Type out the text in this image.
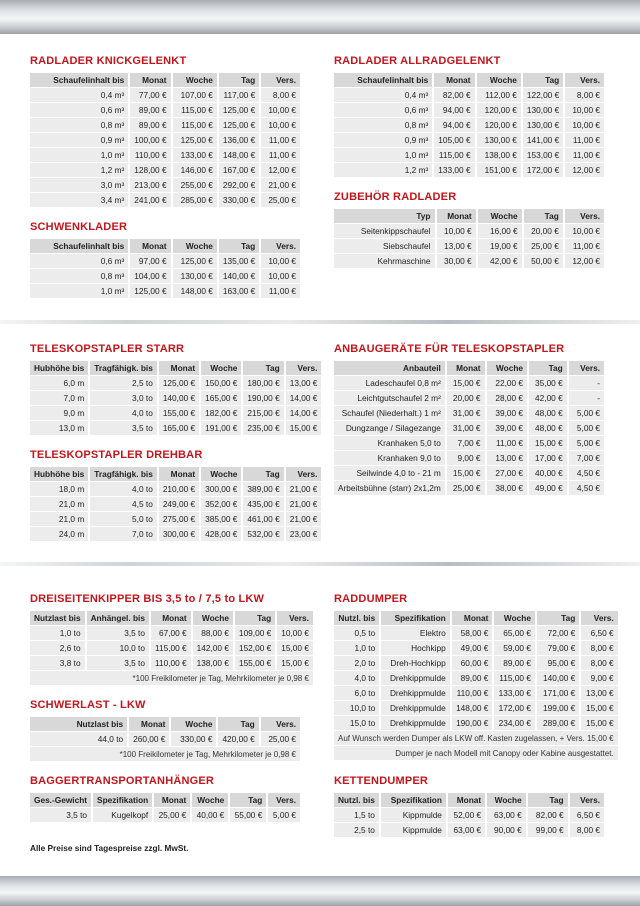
RADLADER KNICKGELENKT
Schaufelinhalt bis	Monat	Woche	Tag	Vers.
0,4 m³	77,00 €	107,00 €	117,00 €	8,00 €
0,6 m³	89,00 €	115,00 €	125,00 €	10,00 €
0,8 m³	89,00 €	115,00 €	125,00 €	10,00 €
0,9 m³	100,00 €	125,00 €	136,00 €	11,00 €
1,0 m³	110,00 €	133,00 €	148,00 €	11,00 €
1,2 m³	128,00 €	146,00 €	167,00 €	12,00 €
3,0 m³	213,00 €	255,00 €	292,00 €	21,00 €
3,4 m³	241,00 €	285,00 €	330,00 €	25,00 €
SCHWENKLADER
Schaufelinhalt bis	Monat	Woche	Tag	Vers.
0,6 m³	97,00 €	125,00 €	135,00 €	10,00 €
0,8 m³	104,00 €	130,00 €	140,00 €	10,00 €
1,0 m³	125,00 €	148,00 €	163,00 €	11,00 €
RADLADER ALLRADGELENKT
Schaufelinhalt bis	Monat	Woche	Tag	Vers.
0,4 m³	82,00 €	112,00 €	122,00 €	8,00 €
0,6 m³	94,00 €	120,00 €	130,00 €	10,00 €
0,8 m³	94,00 €	120,00 €	130,00 €	10,00 €
0,9 m³	105,00 €	130,00 €	141,00 €	11,00 €
1,0 m³	115,00 €	138,00 €	153,00 €	11,00 €
1,2 m³	133,00 €	151,00 €	172,00 €	12,00 €
ZUBEHÖR RADLADER
Typ	Monat	Woche	Tag	Vers.
Seitenkippschaufel	10,00 €	16,00 €	20,00 €	10,00 €
Siebschaufel	13,00 €	19,00 €	25,00 €	11,00 €
Kehrmaschine	30,00 €	42,00 €	50,00 €	12,00 €
TELESKOPSTAPLER STARR
Hubhöhe bis	Tragfähigk. bis	Monat	Woche	Tag	Vers.
6,0 m	2,5 to	125,00 €	150,00 €	180,00 €	13,00 €
7,0 m	3,0 to	140,00 €	165,00 €	190,00 €	14,00 €
9,0 m	4,0 to	155,00 €	182,00 €	215,00 €	14,00 €
13,0 m	3,5 to	165,00 €	191,00 €	235,00 €	15,00 €
TELESKOPSTAPLER DREHBAR
Hubhöhe bis	Tragfähigk. bis	Monat	Woche	Tag	Vers.
18,0 m	4,0 to	210,00 €	300,00 €	389,00 €	21,00 €
21,0 m	4,5 to	249,00 €	352,00 €	435,00 €	21,00 €
21,0 m	5,0 to	275,00 €	385,00 €	461,00 €	21,00 €
24,0 m	7,0 to	300,00 €	428,00 €	532,00 €	23,00 €
ANBAUGERÄTE FÜR TELESKOPSTAPLER
Anbauteil	Monat	Woche	Tag	Vers.
Ladeschaufel 0,8 m²	15,00 €	22,00 €	35,00 €	-
Leichtgutschaufel 2 m²	20,00 €	28,00 €	42,00 €	-
Schaufel (Niederhalt.) 1 m²	31,00 €	39,00 €	48,00 €	5,00 €
Dungzange / Silagezange	31,00 €	39,00 €	48,00 €	5,00 €
Kranhaken 5,0 to	7,00 €	11,00 €	15,00 €	5,00 €
Kranhaken 9,0 to	9,00 €	13,00 €	17,00 €	7,00 €
Seilwinde 4,0 to - 21 m	15,00 €	27,00 €	40,00 €	4,50 €
Arbeitsbühne (starr) 2x1,2m	25,00 €	38,00 €	49,00 €	4,50 €
DREISEITENKIPPER BIS 3,5 to / 7,5 to LKW
Nutzlast bis	Anhängel. bis	Monat	Woche	Tag	Vers.
1,0 to	3,5 to	67,00 €	88,00 €	109,00 €	10,00 €
2,6 to	10,0 to	115,00 €	142,00 €	152,00 €	15,00 €
3,8 to	3,5 to	110,00 €	138,00 €	155,00 €	15,00 €
*100 Freikilometer je Tag, Mehrkilometer je 0,98 €					
SCHWERLAST - LKW
Nutzlast bis	Monat	Woche	Tag	Vers.
44,0 to	260,00 €	330,00 €	420,00 €	25,00 €
*100 Freikilometer je Tag, Mehrkilometer je 0,98 €				
BAGGERTRANSPORTANHÄNGER
Ges.-Gewicht	Spezifikation	Monat	Woche	Tag	Vers.
3,5 to	Kugelkopf	25,00 €	40,00 €	55,00 €	5,00 €
RADDUMPER
Nutzl. bis	Spezifikation	Monat	Woche	Tag	Vers.
0,5 to	Elektro	58,00 €	65,00 €	72,00 €	6,50 €
1,0 to	Hochkipp	49,00 €	59,00 €	79,00 €	8,00 €
2,0 to	Dreh-Hochkipp	60,00 €	89,00 €	95,00 €	8,00 €
4,0 to	Drehkippmulde	89,00 €	115,00 €	140,00 €	9,00 €
6,0 to	Drehkippmulde	110,00 €	133,00 €	171,00 €	13,00 €
10,0 to	Drehkippmulde	148,00 €	172,00 €	199,00 €	15,00 €
15,0 to	Drehkippmulde	190,00 €	234,00 €	289,00 €	15,00 €
Auf Wunsch werden Dumper als LKW off. Kasten zugelassen, + Vers. 15,00 €					
Dumper je nach Modell mit Canopy oder Kabine ausgestattet.					
KETTENDUMPER
Nutzl. bis	Spezifikation	Monat	Woche	Tag	Vers.
1,5 to	Kippmulde	52,00 €	63,00 €	82,00 €	6,50 €
2,5 to	Kippmulde	63,00 €	90,00 €	99,00 €	8,00 €
Alle Preise sind Tagespreise zzgl. MwSt.
